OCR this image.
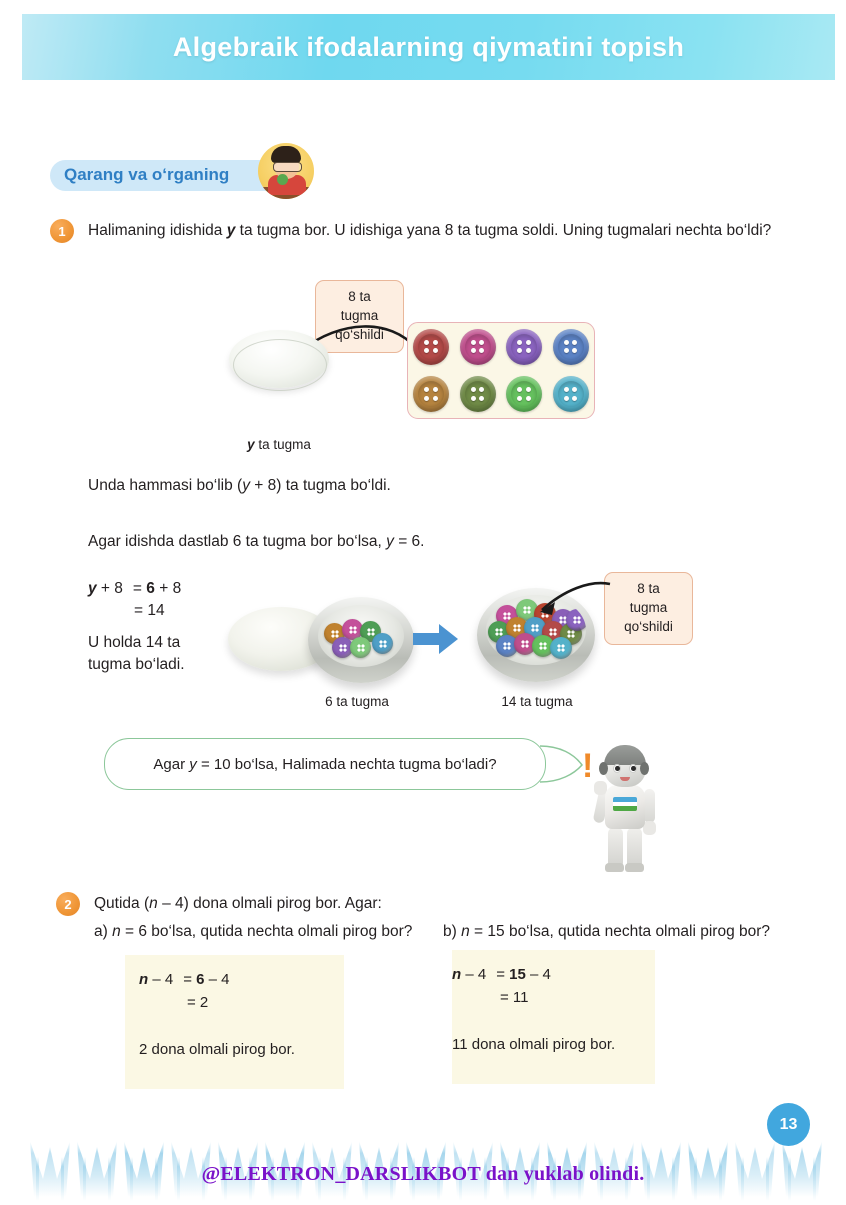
Algebraik ifodalarning qiymatini topish
Qarang va o‘rganing
1	Halimaning idishida y ta tugma bor. U idishiga yana 8 ta tugma soldi. Uning tugmalari nechta bo‘ldi?
8 ta tugma
qo‘shildi
y ta tugma
Unda hammasi bo‘lib (y + 8) ta tugma bo‘ldi.
Agar idishda dastlab 6 ta tugma bor bo‘lsa, y = 6.
y + 8 = 6 + 8
= 14
U holda 14 ta
tugma bo‘ladi.
6 ta tugma	14 ta tugma
8 ta tugma
qo‘shildi
Agar y = 10 bo‘lsa, Halimada nechta tugma bo‘ladi?	!
2	Qutida (n – 4) dona olmali pirog bor. Agar:
a) n = 6 bo‘lsa, qutida nechta olmali pirog bor? b) n = 15 bo‘lsa, qutida nechta olmali pirog bor?
n – 4 = 6 – 4
= 2
2 dona olmali pirog bor.
n – 4 = 15 – 4
= 11
11 dona olmali pirog bor.
13
@ELEKTRON_DARSLIKBOT dan yuklab olindi.
